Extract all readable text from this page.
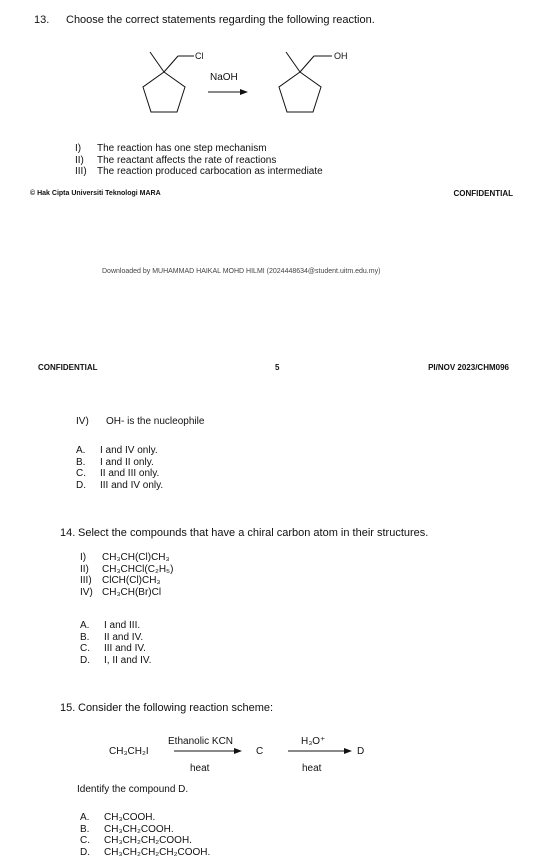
13. Choose the correct statements regarding the following reaction.
Cl
NaOH
OH
I) The reaction has one step mechanism
II) The reactant affects the rate of reactions
III) The reaction produced carbocation as intermediate
© Hak Cipta Universiti Teknologi MARA	CONFIDENTIAL
Downloaded by MUHAMMAD HAIKAL MOHD HILMI (2024448634@student.uitm.edu.my)
CONFIDENTIAL	5	PI/NOV 2023/CHM096
IV) OH- is the nucleophile
A. I and IV only.
B. I and II only.
C. II and III only.
D. III and IV only.
14. Select the compounds that have a chiral carbon atom in their structures.
I) CH₃CH(Cl)CH₃
II) CH₃CHCl(C₂H₅)
III) ClCH(Cl)CH₃
IV) CH₃CH(Br)Cl
A. I and III.
B. II and IV.
C. III and IV.
D. I, II and IV.
15. Consider the following reaction scheme:
CH₃CH₂I
Ethanolic KCN
heat
C
H₃O⁺
heat
D
Identify the compound D.
A. CH₃COOH.
B. CH₃CH₂COOH.
C. CH₃CH₂CH₂COOH.
D. CH₃CH₂CH₂CH₂COOH.
